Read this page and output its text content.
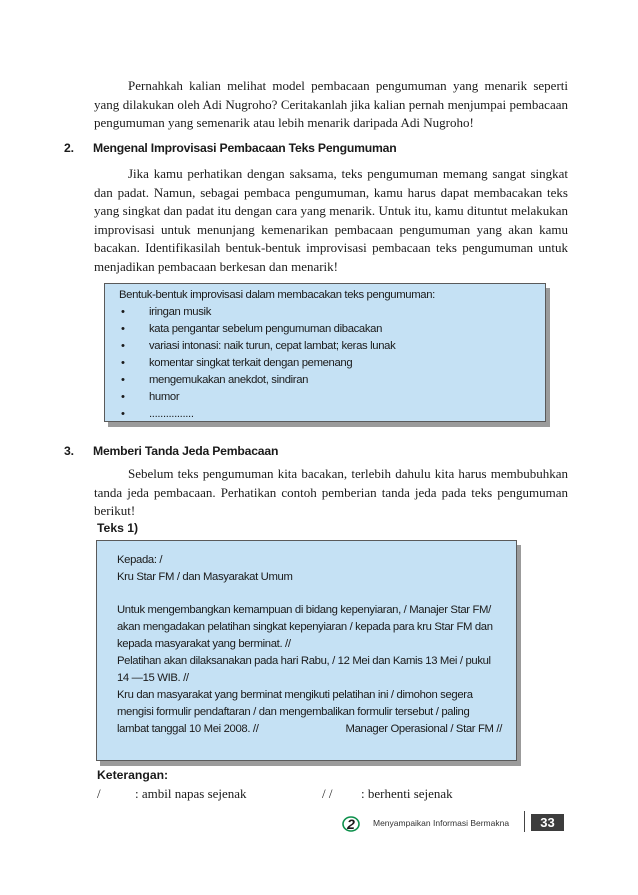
Pernahkah kalian melihat model pembacaan pengumuman yang menarik seperti yang dilakukan oleh Adi Nugroho? Ceritakanlah jika kalian pernah menjumpai pembacaan pengumuman yang semenarik atau lebih menarik daripada Adi Nugroho!

2. Mengenal Improvisasi Pembacaan Teks Pengumuman

Jika kamu perhatikan dengan saksama, teks pengumuman memang sangat singkat dan padat. Namun, sebagai pembaca pengumuman, kamu harus dapat membacakan teks yang singkat dan padat itu dengan cara yang menarik. Untuk itu, kamu dituntut melakukan improvisasi untuk menunjang kemenarikan pembacaan pengumuman yang akan kamu bacakan. Identifikasilah bentuk-bentuk improvisasi pembacaan teks pengumuman untuk menjadikan pembacaan berkesan dan menarik!

Bentuk-bentuk improvisasi dalam membacakan teks pengumuman:
• iringan musik
• kata pengantar sebelum pengumuman dibacakan
• variasi intonasi: naik turun, cepat lambat; keras lunak
• komentar singkat terkait dengan pemenang
• mengemukakan anekdot, sindiran
• humor
• ................

3. Memberi Tanda Jeda Pembacaan

Sebelum teks pengumuman kita bacakan, terlebih dahulu kita harus membubuhkan tanda jeda pembacaan. Perhatikan contoh pemberian tanda jeda pada teks pengumuman berikut!

Teks 1)
Kepada: /
Kru Star FM / dan Masyarakat Umum
Untuk mengembangkan kemampuan di bidang kepenyiaran, / Manajer Star FM/ akan mengadakan pelatihan singkat kepenyiaran / kepada para kru Star FM dan kepada masyarakat yang berminat. //
Pelatihan akan dilaksanakan pada hari Rabu, / 12 Mei dan Kamis 13 Mei / pukul 14 —15 WIB. //
Kru dan masyarakat yang berminat mengikuti pelatihan ini / dimohon segera mengisi formulir pendaftaran / dan mengembalikan formulir tersebut / paling lambat tanggal 10 Mei 2008. //	Manager Operasional / Star FM //
Keterangan:
/	: ambil napas sejenak	/ / : berhenti sejenak
2 Menyampaikan Informasi Bermakna	33
